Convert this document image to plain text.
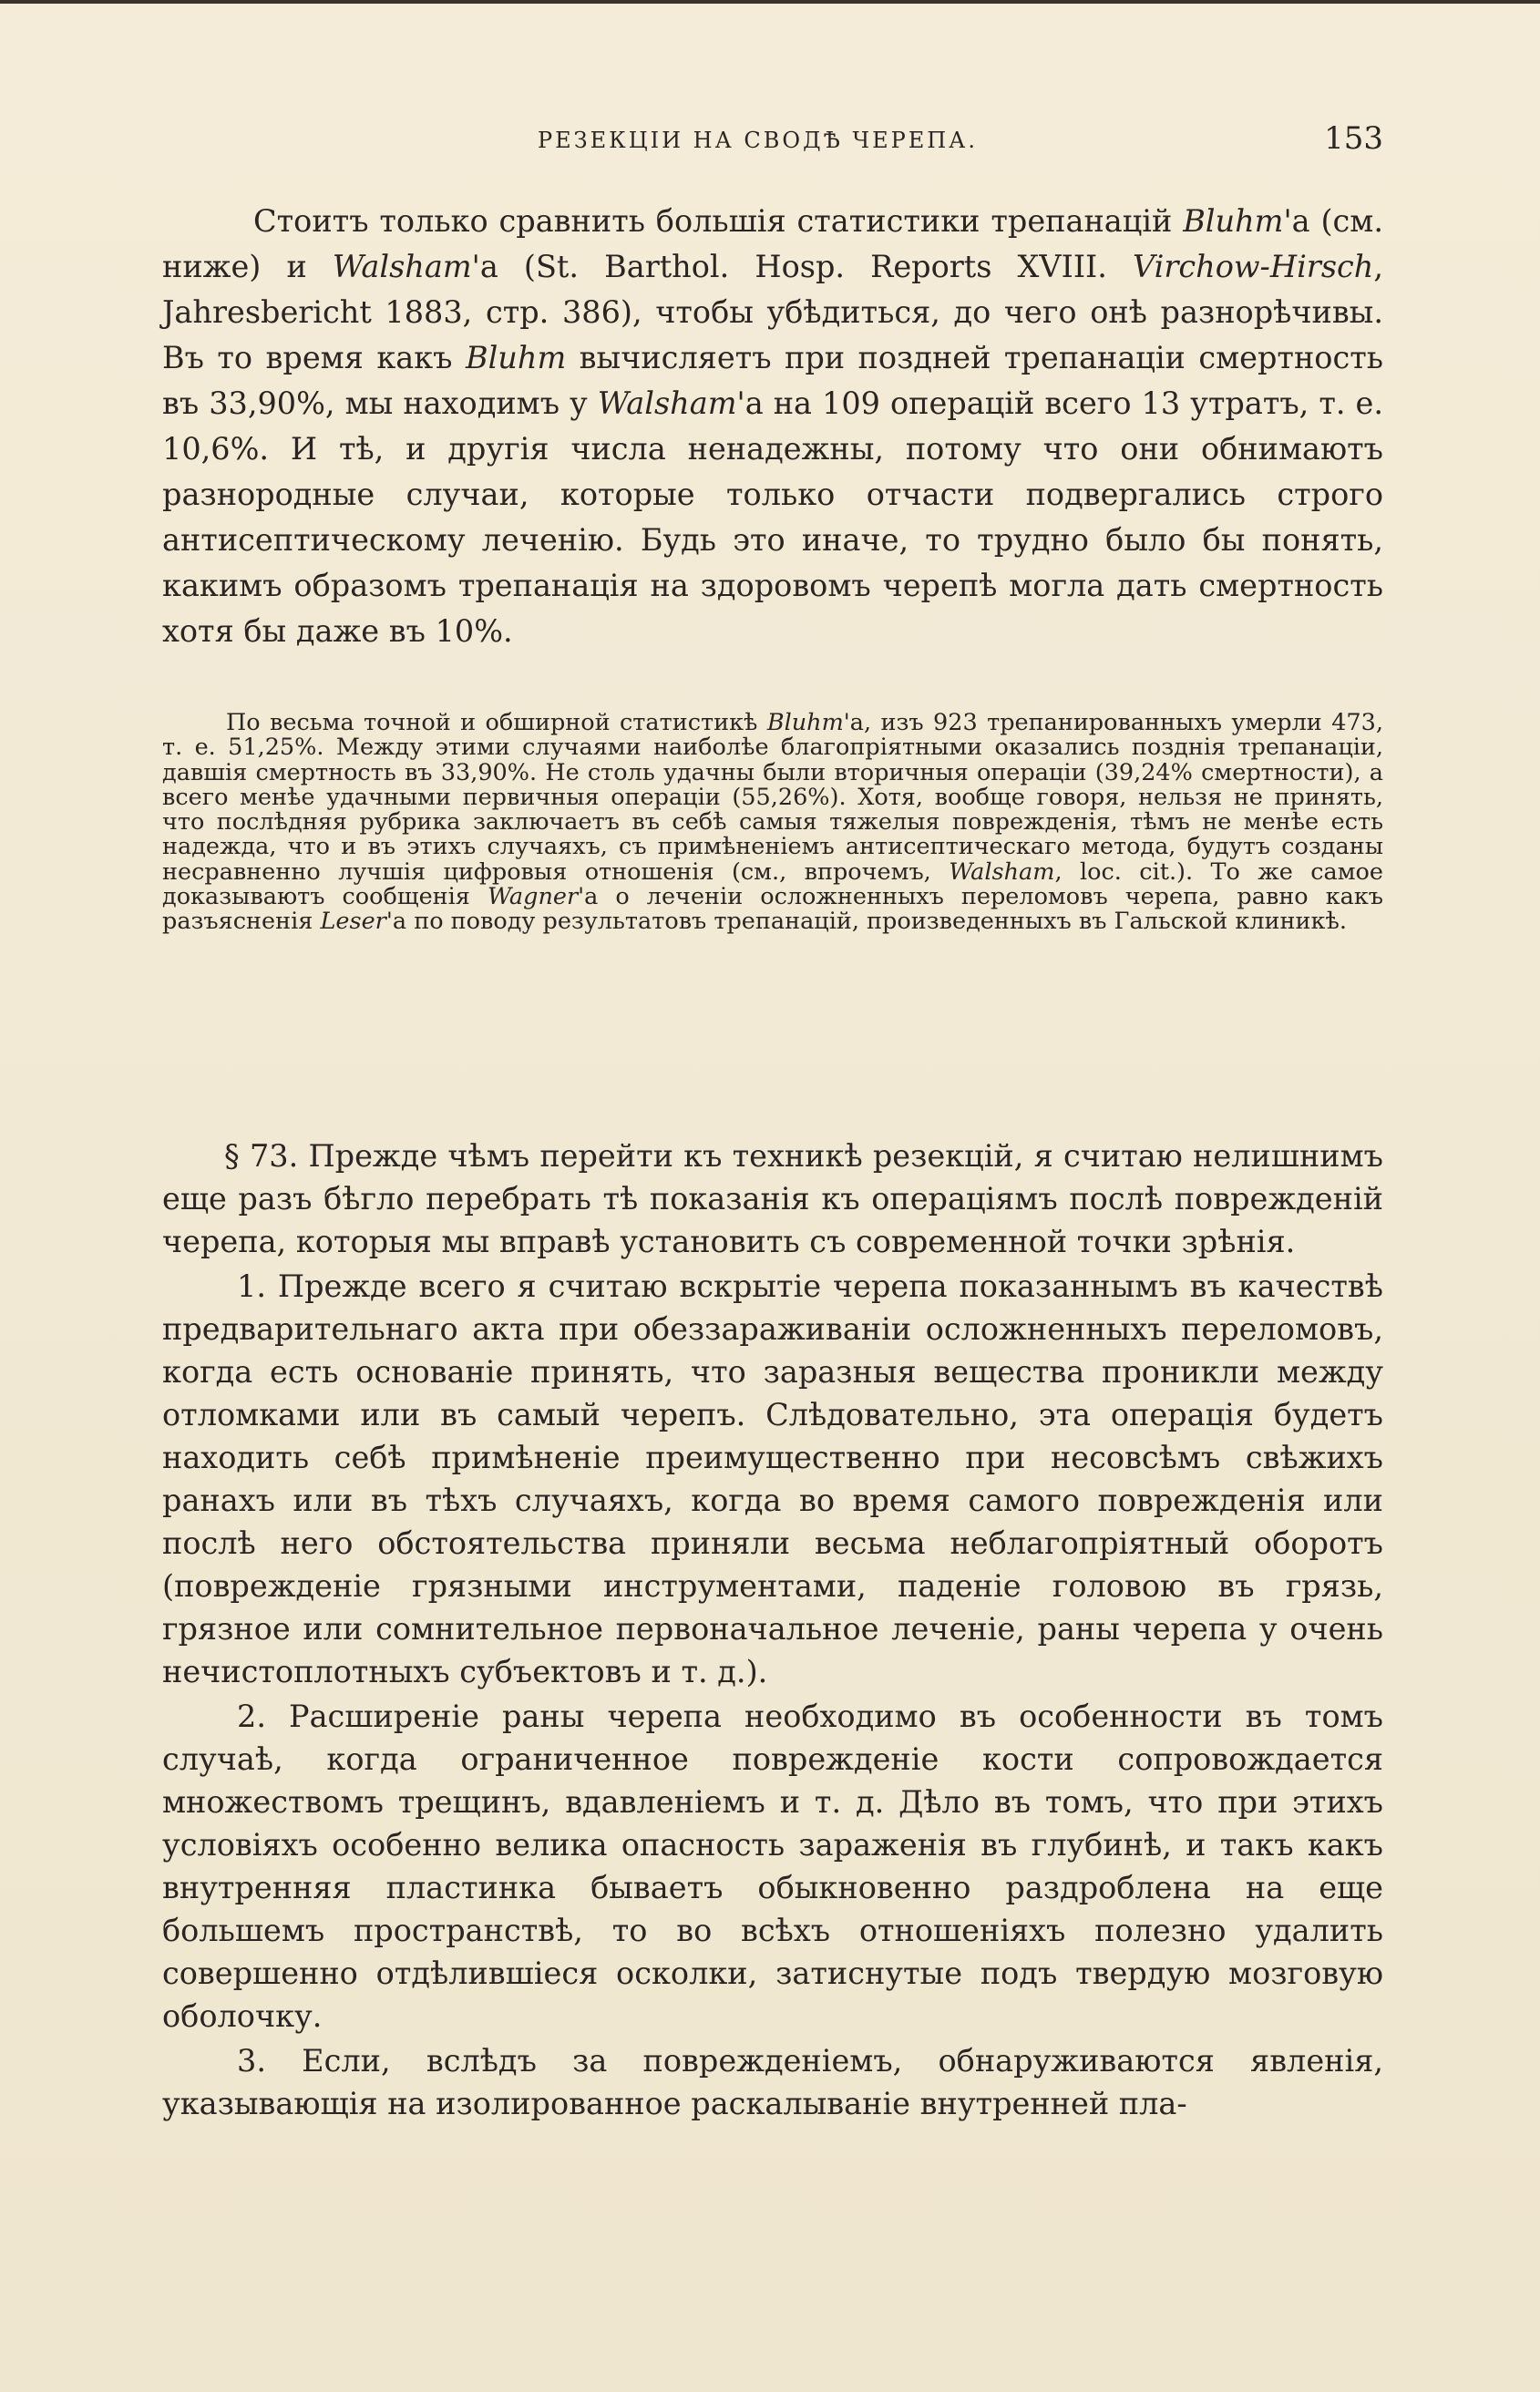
РЕЗЕКЦІИ НА СВОДѢ ЧЕРЕПА.	153

Стоитъ только сравнить большія статистики трепанацій Bluhm'а (см. ниже) и Walsham'а (St. Barthol. Hosp. Reports XVIII. Virchow-Hirsch, Jahresbericht 1883, стр. 386), чтобы убѣдиться, до чего онѣ разнорѣчивы. Въ то время какъ Bluhm вычисляетъ при поздней трепанаціи смертность въ 33,90%, мы находимъ у Walsham'а на 109 операцій всего 13 утратъ, т. е. 10,6%. И тѣ, и другія числа ненадежны, потому что они обнимаютъ разнородные случаи, которые только отчасти подвергались строго антисептическому леченію. Будь это иначе, то трудно было бы понять, какимъ образомъ трепанація на здоровомъ черепѣ могла дать смертность хотя бы даже въ 10%.

По весьма точной и обширной статистикѣ Bluhm'а, изъ 923 трепанированныхъ умерли 473, т. е. 51,25%. Между этими случаями наиболѣе благопріятными оказались позднія трепанаціи, давшія смертность въ 33,90%. Не столь удачны были вторичныя операціи (39,24% смертности), а всего менѣе удачными первичныя операціи (55,26%). Хотя, вообще говоря, нельзя не принять, что послѣдняя рубрика заключаетъ въ себѣ самыя тяжелыя поврежденія, тѣмъ не менѣе есть надежда, что и въ этихъ случаяхъ, съ примѣненіемъ антисептическаго метода, будутъ созданы несравненно лучшія цифровыя отношенія (см., впрочемъ, Walsham, loc. cit.). То же самое доказываютъ сообщенія Wagner'а о леченіи осложненныхъ переломовъ черепа, равно какъ разъясненія Leser'а по поводу результатовъ трепанацій, произведенныхъ въ Гальской клиникѣ.

§ 73. Прежде чѣмъ перейти къ техникѣ резекцій, я считаю нелишнимъ еще разъ бѣгло перебрать тѣ показанія къ операціямъ послѣ поврежденій черепа, которыя мы вправѣ установить съ современной точки зрѣнія.

1. Прежде всего я считаю вскрытіе черепа показаннымъ въ качествѣ предварительнаго акта при обеззараживаніи осложненныхъ переломовъ, когда есть основаніе принять, что заразныя вещества проникли между отломками или въ самый черепъ. Слѣдовательно, эта операція будетъ находить себѣ примѣненіе преимущественно при несовсѣмъ свѣжихъ ранахъ или въ тѣхъ случаяхъ, когда во время самого поврежденія или послѣ него обстоятельства приняли весьма неблагопріятный оборотъ (поврежденіе грязными инструментами, паденіе головою въ грязь, грязное или сомнительное первоначальное леченіе, раны черепа у очень нечистоплотныхъ субъектовъ и т. д.).

2. Расширеніе раны черепа необходимо въ особенности въ томъ случаѣ, когда ограниченное поврежденіе кости сопровождается множествомъ трещинъ, вдавленіемъ и т. д. Дѣло въ томъ, что при этихъ условіяхъ особенно велика опасность зараженія въ глубинѣ, и такъ какъ внутренняя пластинка бываетъ обыкновенно раздроблена на еще большемъ пространствѣ, то во всѣхъ отношеніяхъ полезно удалить совершенно отдѣлившіеся осколки, затиснутые подъ твердую мозговую оболочку.

3. Если, вслѣдъ за поврежденіемъ, обнаруживаются явленія, указывающія на изолированное раскалываніе внутренней пла-
